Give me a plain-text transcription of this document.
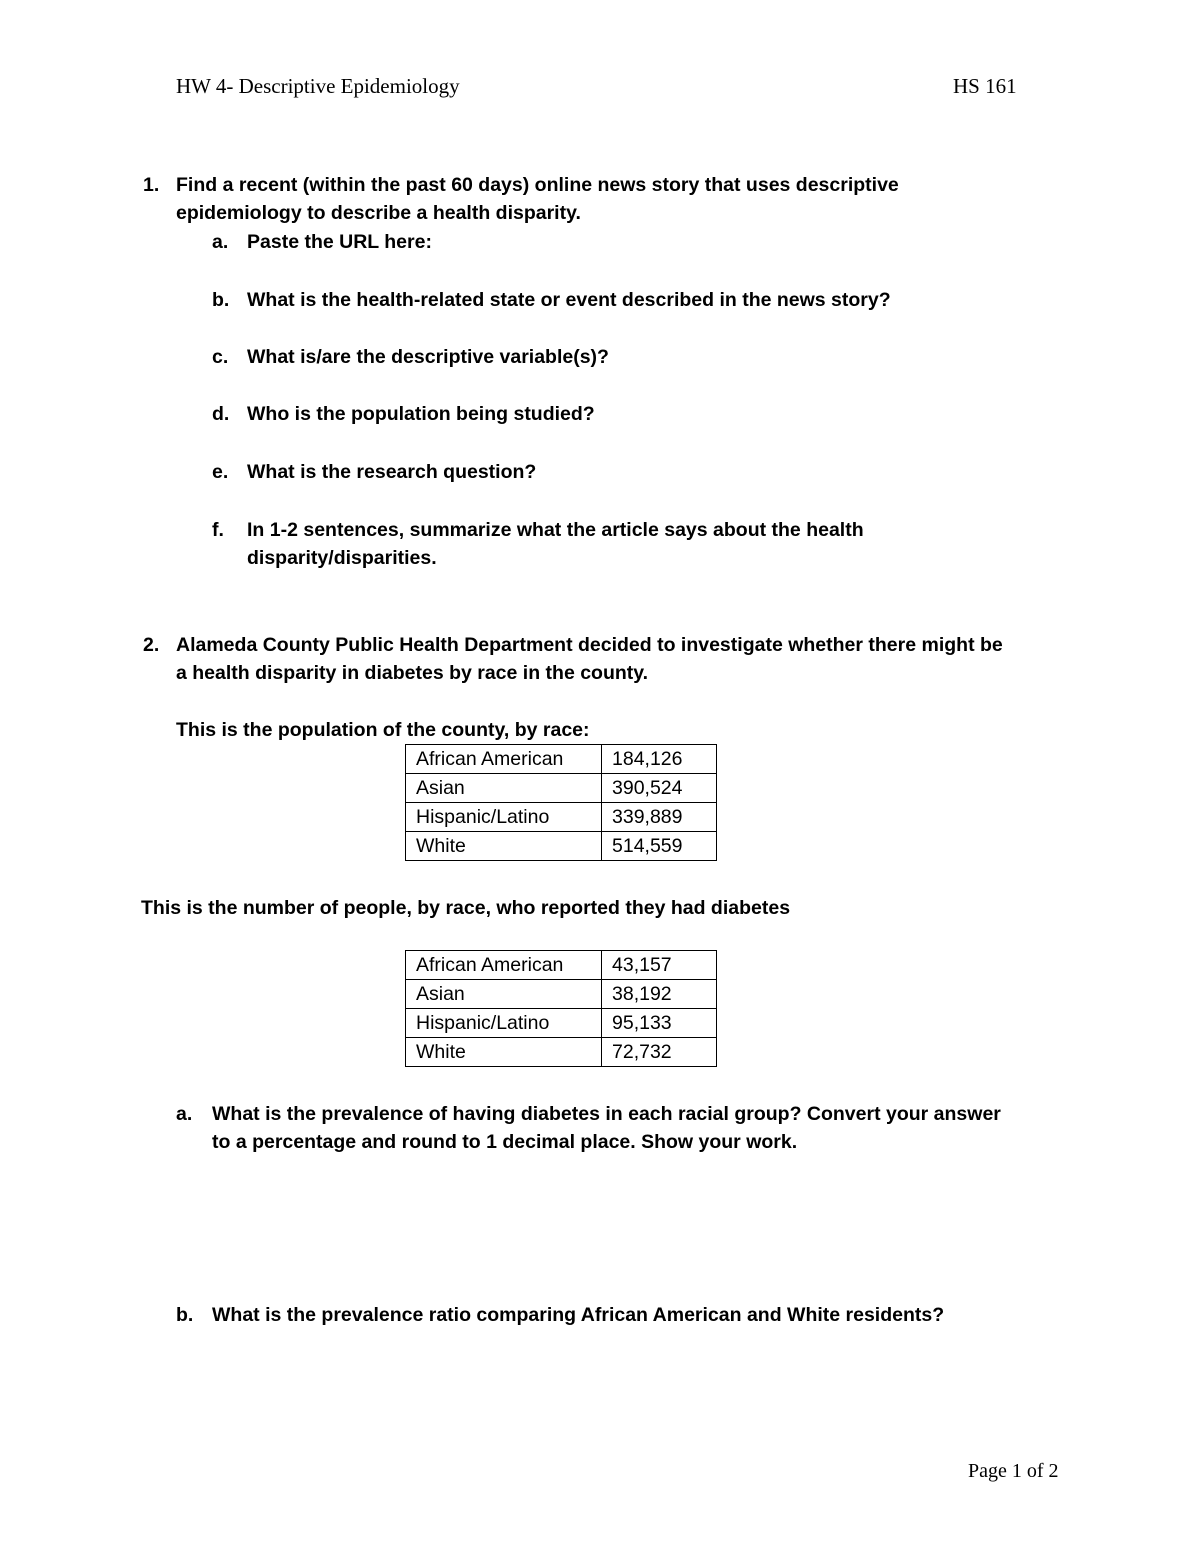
HW 4- Descriptive Epidemiology	HS 161
1. Find a recent (within the past 60 days) online news story that uses descriptive
epidemiology to describe a health disparity.
a. Paste the URL here:
b. What is the health-related state or event described in the news story?
c. What is/are the descriptive variable(s)?
d. Who is the population being studied?
e. What is the research question?
f. In 1-2 sentences, summarize what the article says about the health
disparity/disparities.
2. Alameda County Public Health Department decided to investigate whether there might be
a health disparity in diabetes by race in the county.
This is the population of the county, by race:
African American	184,126
Asian	390,524
Hispanic/Latino	339,889
White	514,559
This is the number of people, by race, who reported they had diabetes
African American	43,157
Asian	38,192
Hispanic/Latino	95,133
White	72,732
a. What is the prevalence of having diabetes in each racial group? Convert your answer
to a percentage and round to 1 decimal place. Show your work.
b. What is the prevalence ratio comparing African American and White residents?
Page 1 of 2
